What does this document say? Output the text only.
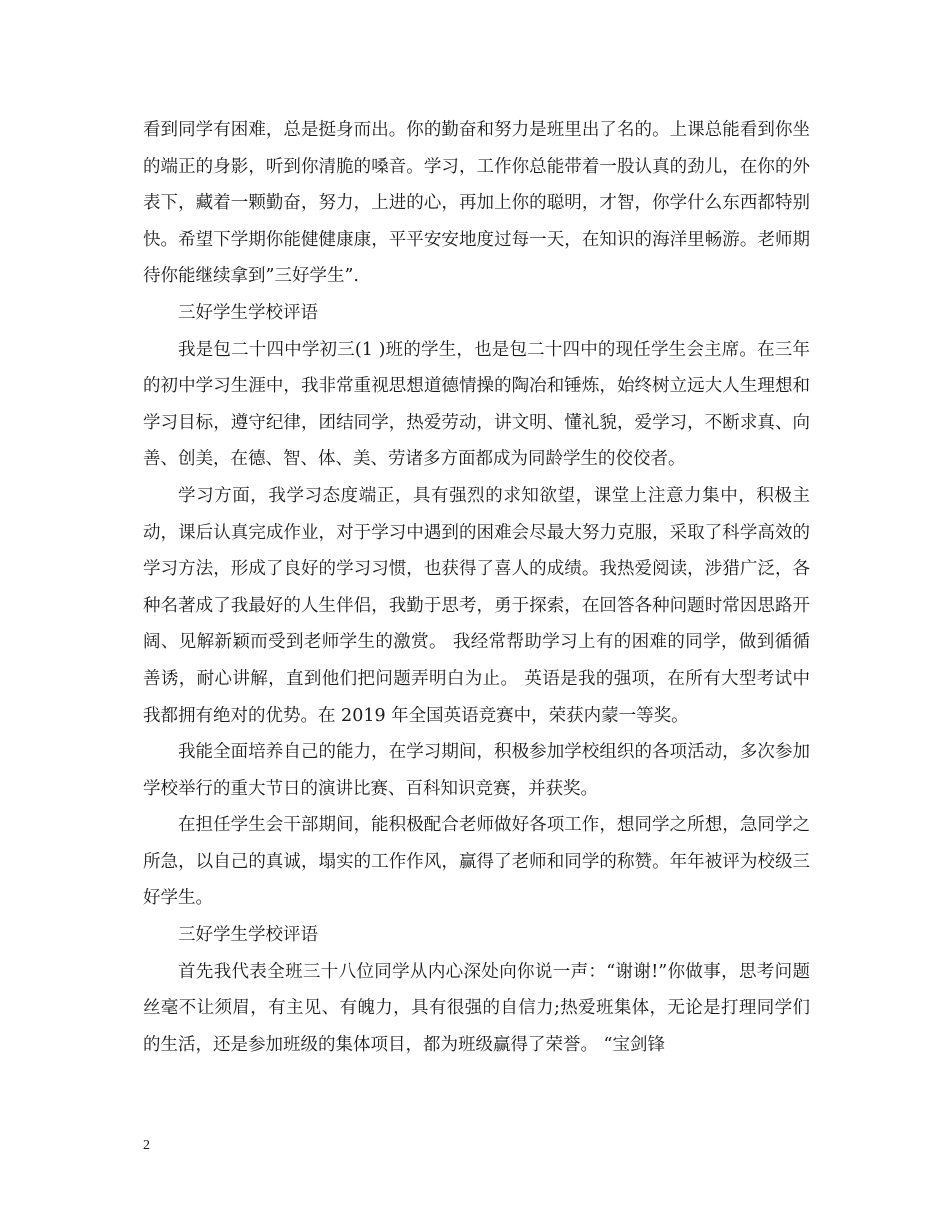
看到同学有困难，总是挺身而出。你的勤奋和努力是班里出了名的。上课总能看到你坐的端正的身影，听到你清脆的嗓音。学习，工作你总能带着一股认真的劲儿，在你的外表下，藏着一颗勤奋，努力，上进的心，再加上你的聪明，才智，你学什么东西都特别快。希望下学期你能健健康康，平平安安地度过每一天，在知识的海洋里畅游。老师期待你能继续拿到”三好学生”.

三好学生学校评语

我是包二十四中学初三(1 )班的学生，也是包二十四中的现任学生会主席。在三年的初中学习生涯中，我非常重视思想道德情操的陶冶和锤炼，始终树立远大人生理想和学习目标，遵守纪律，团结同学，热爱劳动，讲文明、懂礼貌，爱学习，不断求真、向善、创美，在德、智、体、美、劳诸多方面都成为同龄学生的佼佼者。

学习方面，我学习态度端正，具有强烈的求知欲望，课堂上注意力集中，积极主动，课后认真完成作业，对于学习中遇到的困难会尽最大努力克服，采取了科学高效的学习方法，形成了良好的学习习惯，也获得了喜人的成绩。我热爱阅读，涉猎广泛，各种名著成了我最好的人生伴侣，我勤于思考，勇于探索，在回答各种问题时常因思路开阔、见解新颖而受到老师学生的激赏。 我经常帮助学习上有的困难的同学，做到循循善诱，耐心讲解，直到他们把问题弄明白为止。 英语是我的强项，在所有大型考试中我都拥有绝对的优势。在 2019 年全国英语竞赛中，荣获内蒙一等奖。

我能全面培养自己的能力，在学习期间，积极参加学校组织的各项活动，多次参加学校举行的重大节日的演讲比赛、百科知识竞赛，并获奖。

在担任学生会干部期间，能积极配合老师做好各项工作，想同学之所想，急同学之所急，以自己的真诚，塌实的工作作风，赢得了老师和同学的称赞。年年被评为校级三好学生。

三好学生学校评语

首先我代表全班三十八位同学从内心深处向你说一声：“谢谢!”你做事，思考问题丝毫不让须眉，有主见、有魄力，具有很强的自信力;热爱班集体，无论是打理同学们的生活，还是参加班级的集体项目，都为班级赢得了荣誉。 “宝剑锋

2
